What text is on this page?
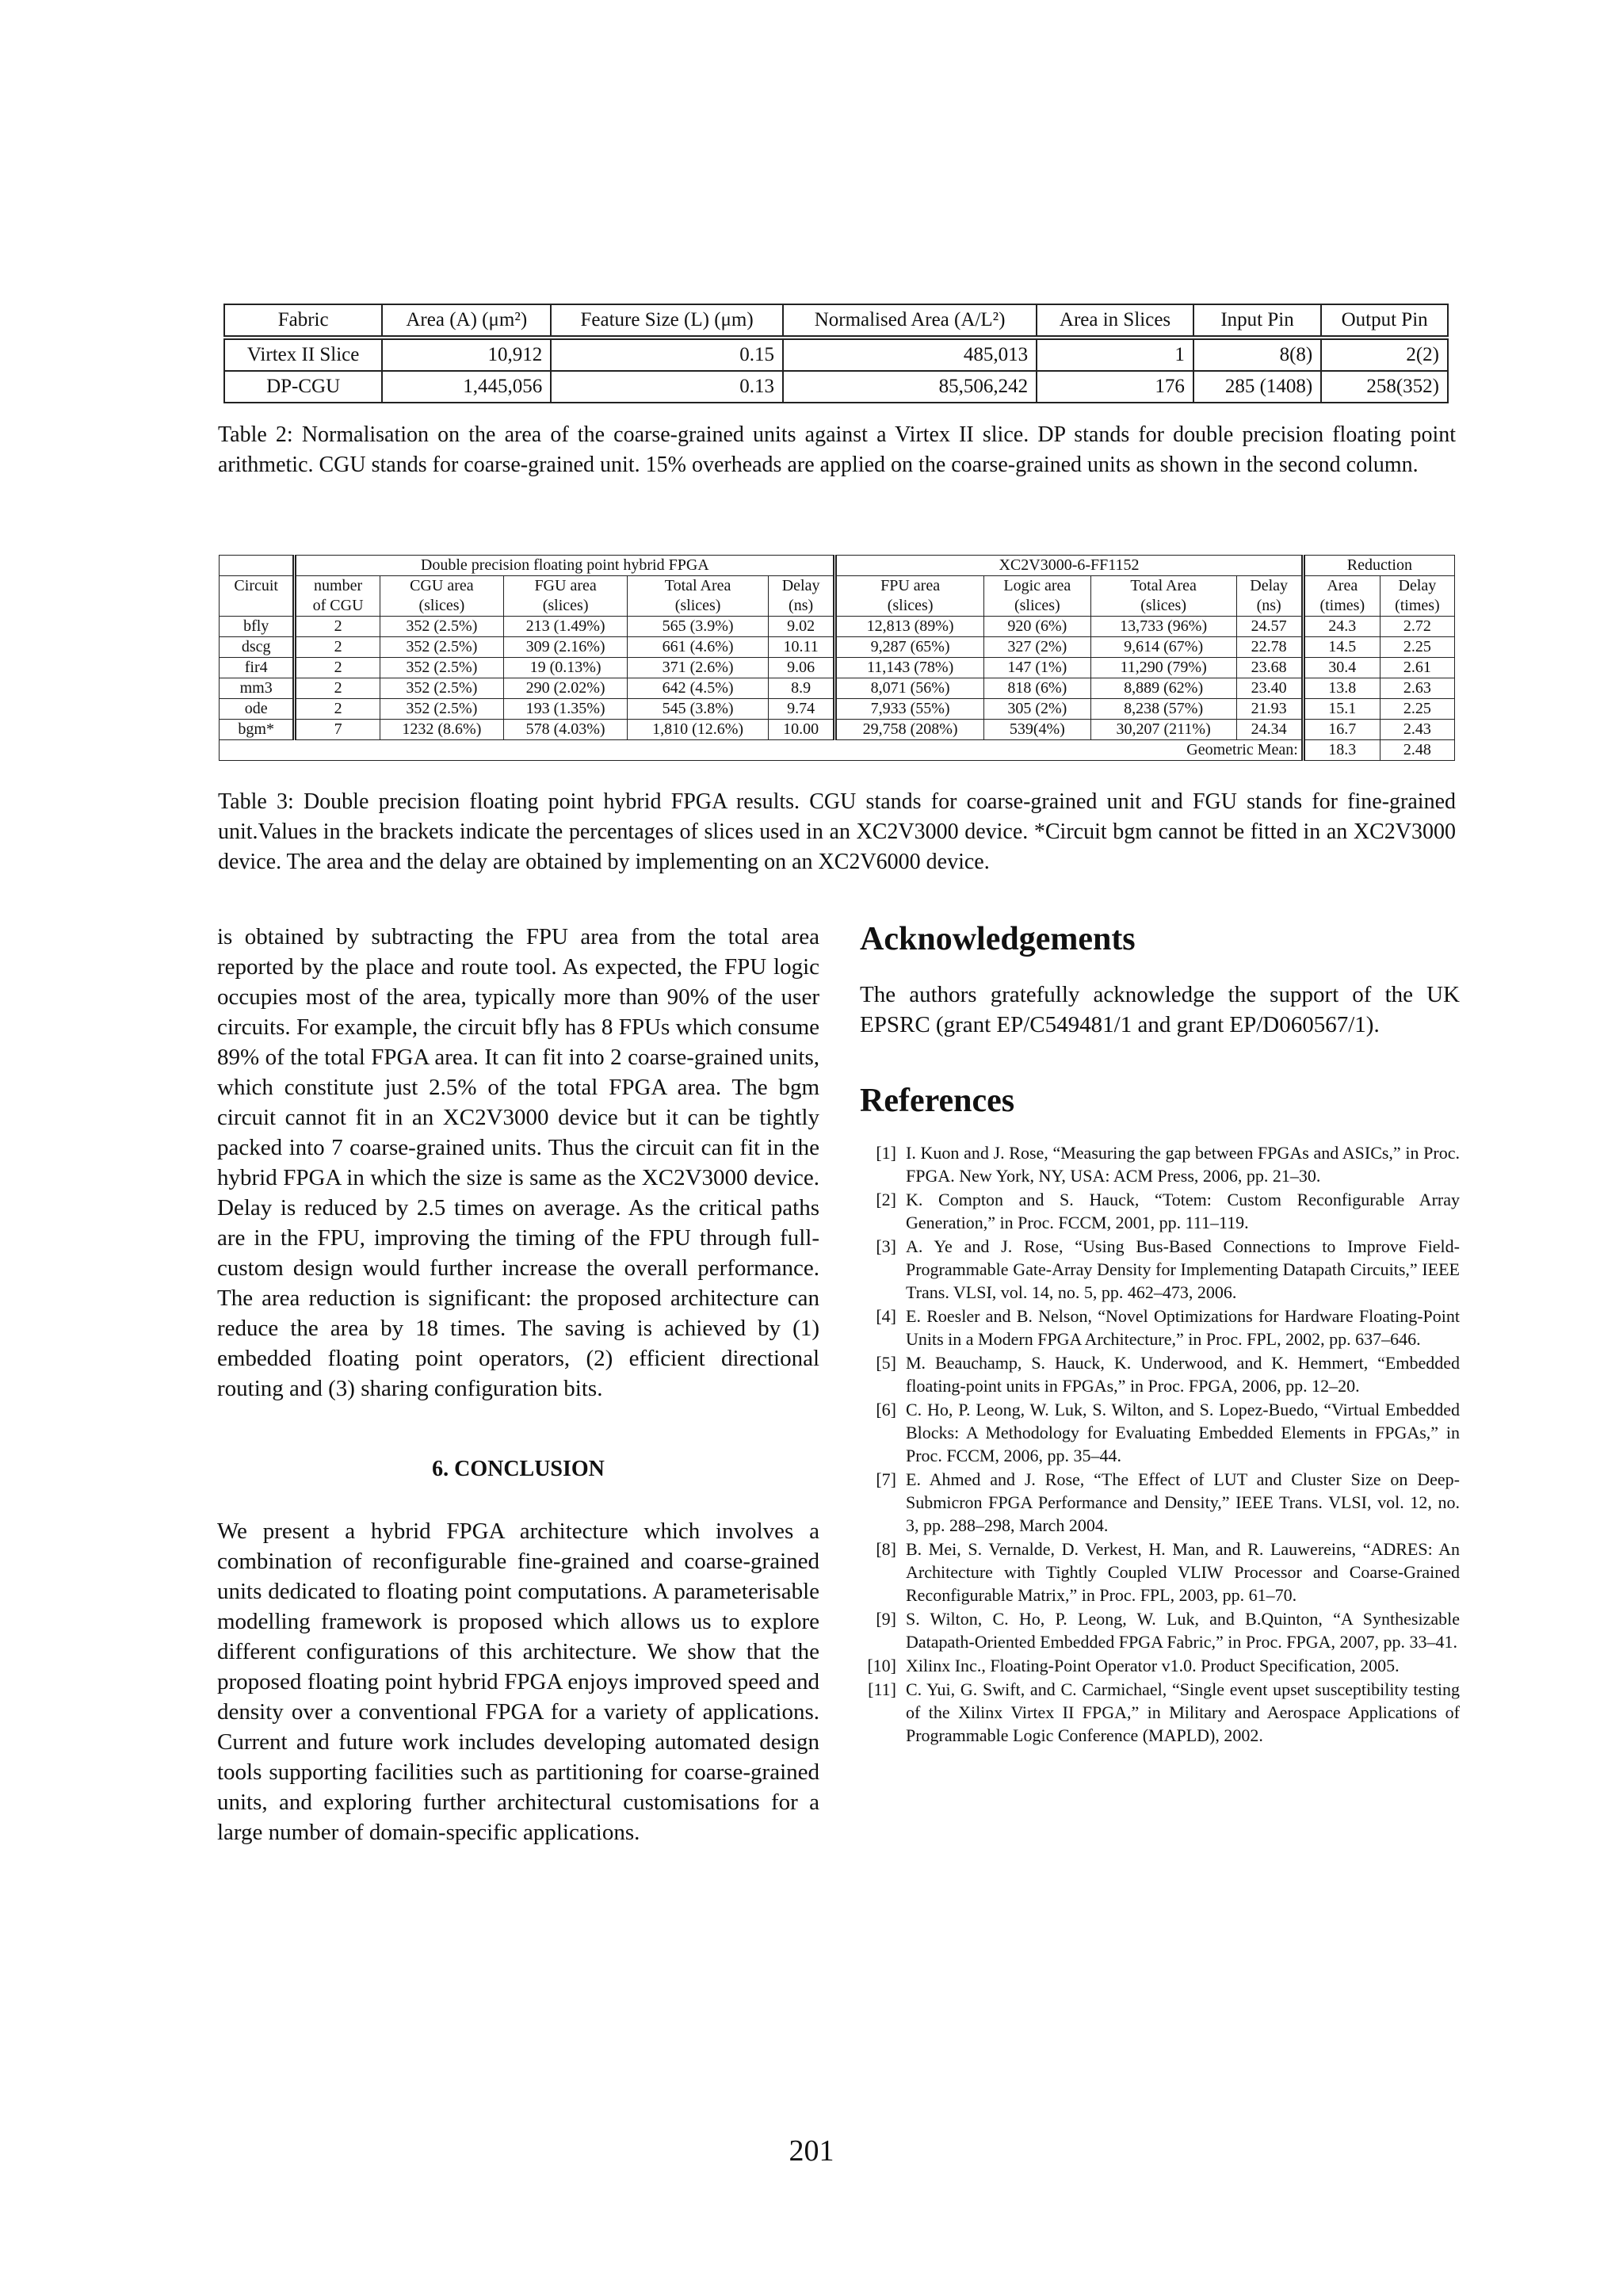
Fabric	Area (A) (μm²)	Feature Size (L) (μm)	Normalised Area (A/L²)	Area in Slices	Input Pin	Output Pin

Virtex II Slice	10,912	0.15	485,013	1	8(8)	2(2)
DP-CGU	1,445,056	0.13	85,506,242	176	285 (1408)	258(352)

Table 2: Normalisation on the area of the coarse-grained units against a Virtex II slice. DP stands for double precision floating point arithmetic. CGU stands for coarse-grained unit. 15% overheads are applied on the coarse-grained units as shown in the second column.

	Double precision floating point hybrid FPGA					XC2V3000-6-FF1152				Reduction	
Circuit	number	CGU area	FGU area	Total Area	Delay	FPU area	Logic area	Total Area	Delay	Area	Delay
	of CGU	(slices)	(slices)	(slices)	(ns)	(slices)	(slices)	(slices)	(ns)	(times)	(times)
bfly	2	352 (2.5%)	213 (1.49%)	565 (3.9%)	9.02	12,813 (89%)	920 (6%)	13,733 (96%)	24.57	24.3	2.72
dscg	2	352 (2.5%)	309 (2.16%)	661 (4.6%)	10.11	9,287 (65%)	327 (2%)	9,614 (67%)	22.78	14.5	2.25
fir4	2	352 (2.5%)	19 (0.13%)	371 (2.6%)	9.06	11,143 (78%)	147 (1%)	11,290 (79%)	23.68	30.4	2.61
mm3	2	352 (2.5%)	290 (2.02%)	642 (4.5%)	8.9	8,071 (56%)	818 (6%)	8,889 (62%)	23.40	13.8	2.63
ode	2	352 (2.5%)	193 (1.35%)	545 (3.8%)	9.74	7,933 (55%)	305 (2%)	8,238 (57%)	21.93	15.1	2.25
bgm*	7	1232 (8.6%)	578 (4.03%)	1,810 (12.6%)	10.00	29,758 (208%)	539(4%)	30,207 (211%)	24.34	16.7	2.43
Geometric Mean:										18.3	2.48

Table 3: Double precision floating point hybrid FPGA results. CGU stands for coarse-grained unit and FGU stands for fine-grained unit.Values in the brackets indicate the percentages of slices used in an XC2V3000 device. *Circuit bgm cannot be fitted in an XC2V3000 device. The area and the delay are obtained by implementing on an XC2V6000 device.

is obtained by subtracting the FPU area from the total area reported by the place and route tool. As expected, the FPU logic occupies most of the area, typically more than 90% of the user circuits. For example, the circuit bfly has 8 FPUs which consume 89% of the total FPGA area. It can fit into 2 coarse-grained units, which constitute just 2.5% of the total FPGA area. The bgm circuit cannot fit in an XC2V3000 device but it can be tightly packed into 7 coarse-grained units. Thus the circuit can fit in the hybrid FPGA in which the size is same as the XC2V3000 device. Delay is reduced by 2.5 times on average. As the critical paths are in the FPU, improving the timing of the FPU through full-custom design would further increase the overall performance. The area reduction is significant: the proposed architecture can reduce the area by 18 times. The saving is achieved by (1) embedded floating point operators, (2) efficient directional routing and (3) sharing configuration bits.

6. CONCLUSION

We present a hybrid FPGA architecture which involves a combination of reconfigurable fine-grained and coarse-grained units dedicated to floating point computations. A parameterisable modelling framework is proposed which allows us to explore different configurations of this architecture. We show that the proposed floating point hybrid FPGA enjoys improved speed and density over a conventional FPGA for a variety of applications. Current and future work includes developing automated design tools supporting facilities such as partitioning for coarse-grained units, and exploring further architectural customisations for a large number of domain-specific applications.

Acknowledgements

The authors gratefully acknowledge the support of the UK EPSRC (grant EP/C549481/1 and grant EP/D060567/1).

References

[1] I. Kuon and J. Rose, “Measuring the gap between FPGAs and ASICs,” in Proc. FPGA. New York, NY, USA: ACM Press, 2006, pp. 21–30.
[2] K. Compton and S. Hauck, “Totem: Custom Reconfigurable Array Generation,” in Proc. FCCM, 2001, pp. 111–119.
[3] A. Ye and J. Rose, “Using Bus-Based Connections to Improve Field-Programmable Gate-Array Density for Implementing Datapath Circuits,” IEEE Trans. VLSI, vol. 14, no. 5, pp. 462–473, 2006.
[4] E. Roesler and B. Nelson, “Novel Optimizations for Hardware Floating-Point Units in a Modern FPGA Architecture,” in Proc. FPL, 2002, pp. 637–646.
[5] M. Beauchamp, S. Hauck, K. Underwood, and K. Hemmert, “Embedded floating-point units in FPGAs,” in Proc. FPGA, 2006, pp. 12–20.
[6] C. Ho, P. Leong, W. Luk, S. Wilton, and S. Lopez-Buedo, “Virtual Embedded Blocks: A Methodology for Evaluating Embedded Elements in FPGAs,” in Proc. FCCM, 2006, pp. 35–44.
[7] E. Ahmed and J. Rose, “The Effect of LUT and Cluster Size on Deep-Submicron FPGA Performance and Density,” IEEE Trans. VLSI, vol. 12, no. 3, pp. 288–298, March 2004.
[8] B. Mei, S. Vernalde, D. Verkest, H. Man, and R. Lauwereins, “ADRES: An Architecture with Tightly Coupled VLIW Processor and Coarse-Grained Reconfigurable Matrix,” in Proc. FPL, 2003, pp. 61–70.
[9] S. Wilton, C. Ho, P. Leong, W. Luk, and B.Quinton, “A Synthesizable Datapath-Oriented Embedded FPGA Fabric,” in Proc. FPGA, 2007, pp. 33–41.
[10] Xilinx Inc., Floating-Point Operator v1.0. Product Specification, 2005.
[11] C. Yui, G. Swift, and C. Carmichael, “Single event upset susceptibility testing of the Xilinx Virtex II FPGA,” in Military and Aerospace Applications of Programmable Logic Conference (MAPLD), 2002.
201
